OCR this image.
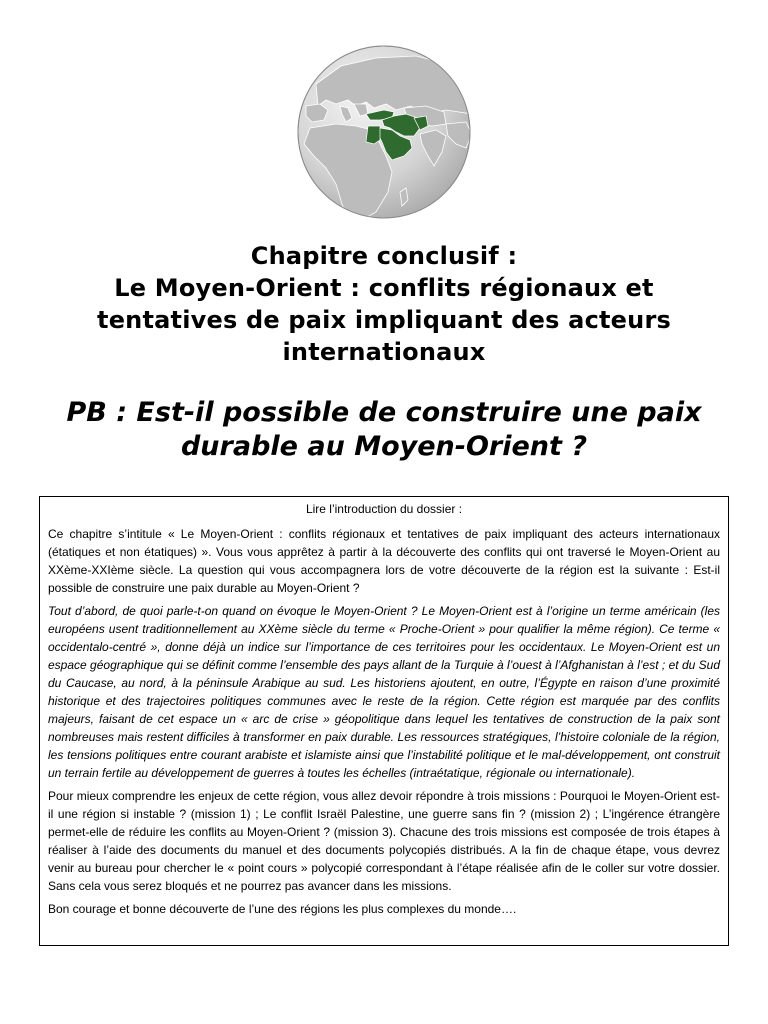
Chapitre conclusif :
Le Moyen-Orient : conflits régionaux et
tentatives de paix impliquant des acteurs
internationaux
PB : Est-il possible de construire une paix
durable au Moyen-Orient ?
Lire l’introduction du dossier :

Ce chapitre s’intitule « Le Moyen-Orient : conflits régionaux et tentatives de paix impliquant des acteurs internationaux (étatiques et non étatiques) ». Vous vous apprêtez à partir à la découverte des conflits qui ont traversé le Moyen-Orient au XXème-XXIème siècle. La question qui vous accompagnera lors de votre découverte de la région est la suivante : Est-il possible de construire une paix durable au Moyen-Orient ?

Tout d’abord, de quoi parle-t-on quand on évoque le Moyen-Orient ? Le Moyen-Orient est à l’origine un terme américain (les européens usent traditionnellement au XXème siècle du terme « Proche-Orient » pour qualifier la même région). Ce terme « occidentalo-centré », donne déjà un indice sur l’importance de ces territoires pour les occidentaux. Le Moyen-Orient est un espace géographique qui se définit comme l’ensemble des pays allant de la Turquie à l’ouest à l’Afghanistan à l’est ; et du Sud du Caucase, au nord, à la péninsule Arabique au sud. Les historiens ajoutent, en outre, l’Égypte en raison d’une proximité historique et des trajectoires politiques communes avec le reste de la région. Cette région est marquée par des conflits majeurs, faisant de cet espace un « arc de crise » géopolitique dans lequel les tentatives de construction de la paix sont nombreuses mais restent difficiles à transformer en paix durable. Les ressources stratégiques, l’histoire coloniale de la région, les tensions politiques entre courant arabiste et islamiste ainsi que l’instabilité politique et le mal-développement, ont construit un terrain fertile au développement de guerres à toutes les échelles (intraétatique, régionale ou internationale).

Pour mieux comprendre les enjeux de cette région, vous allez devoir répondre à trois missions : Pourquoi le Moyen-Orient est-il une région si instable ? (mission 1) ; Le conflit Israël Palestine, une guerre sans fin ? (mission 2) ; L’ingérence étrangère permet-elle de réduire les conflits au Moyen-Orient ? (mission 3). Chacune des trois missions est composée de trois étapes à réaliser à l’aide des documents du manuel et des documents polycopiés distribués. A la fin de chaque étape, vous devrez venir au bureau pour chercher le « point cours » polycopié correspondant à l’étape réalisée afin de le coller sur votre dossier. Sans cela vous serez bloqués et ne pourrez pas avancer dans les missions.

Bon courage et bonne découverte de l’une des régions les plus complexes du monde….
